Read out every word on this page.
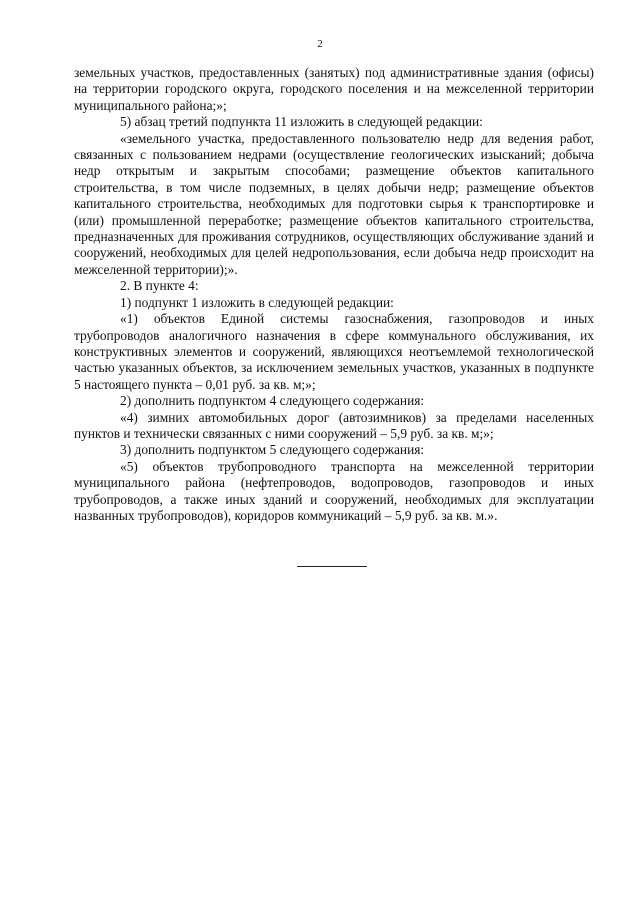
2

земельных участков, предоставленных (занятых) под административные здания (офисы) на территории городского округа, городского поселения и на межселенной территории муниципального района;»;

5) абзац третий подпункта 11 изложить в следующей редакции:

«земельного участка, предоставленного пользователю недр для ведения работ, связанных с пользованием недрами (осуществление геологических изысканий; добыча недр открытым и закрытым способами; размещение объектов капитального строительства, в том числе подземных, в целях добычи недр; размещение объектов капитального строительства, необходимых для подготовки сырья к транспортировке и (или) промышленной переработке; размещение объектов капитального строительства, предназначенных для проживания сотрудников, осуществляющих обслуживание зданий и сооружений, необходимых для целей недропользования, если добыча недр происходит на межселенной территории);».

2. В пункте 4:

1) подпункт 1 изложить в следующей редакции:

«1) объектов Единой системы газоснабжения, газопроводов и иных трубопроводов аналогичного назначения в сфере коммунального обслуживания, их конструктивных элементов и сооружений, являющихся неотъемлемой технологической частью указанных объектов, за исключением земельных участков, указанных в подпункте 5 настоящего пункта – 0,01 руб. за кв. м;»;

2) дополнить подпунктом 4 следующего содержания:

«4) зимних автомобильных дорог (автозимников) за пределами населенных пунктов и технически связанных с ними сооружений – 5,9 руб. за кв. м;»;

3) дополнить подпунктом 5 следующего содержания:

«5) объектов трубопроводного транспорта на межселенной территории муниципального района (нефтепроводов, водопроводов, газопроводов и иных трубопроводов, а также иных зданий и сооружений, необходимых для эксплуатации названных трубопроводов), коридоров коммуникаций – 5,9 руб. за кв. м.».
